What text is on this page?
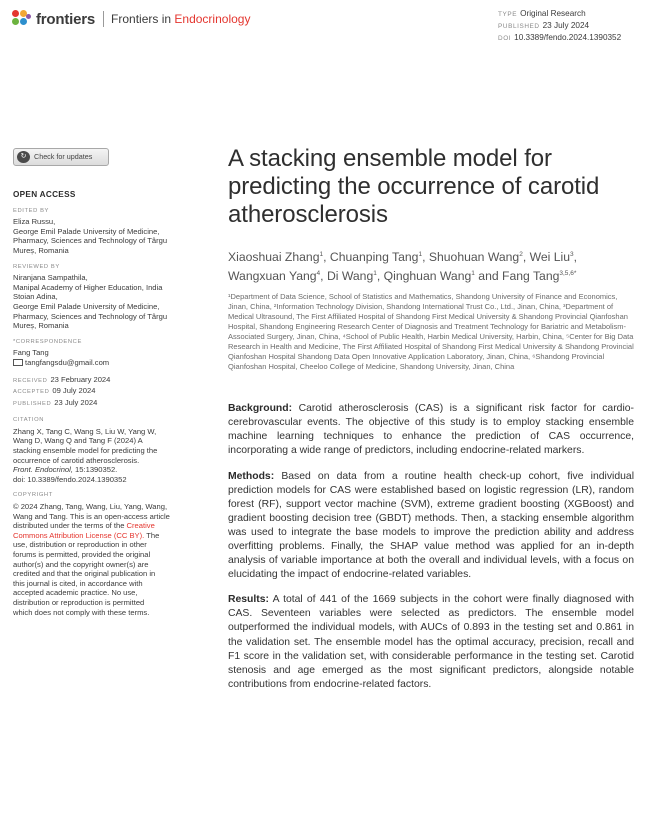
frontiers Frontiers in Endocrinology	TYPE Original Research
PUBLISHED 23 July 2024
DOI 10.3389/fendo.2024.1390352
↻	Check for updates
OPEN ACCESS
EDITED BY

Eliza Russu,

George Emil Palade University of Medicine,

Pharmacy, Sciences and Technology of Târgu

Mureș, Romania

REVIEWED BY

Niranjana Sampathila,

Manipal Academy of Higher Education, India

Stoian Adina,

George Emil Palade University of Medicine,

Pharmacy, Sciences and Technology of Târgu

Mureș, Romania

*CORRESPONDENCE

Fang Tang

tangfangsdu@gmail.com

RECEIVED 23 February 2024
ACCEPTED 09 July 2024
PUBLISHED 23 July 2024
CITATION

Zhang X, Tang C, Wang S, Liu W, Yang W,

Wang D, Wang Q and Tang F (2024) A

stacking ensemble model for predicting the

occurrence of carotid atherosclerosis.

Front. Endocrinol, 15:1390352.

doi: 10.3389/fendo.2024.1390352

COPYRIGHT

© 2024 Zhang, Tang, Wang, Liu, Yang, Wang,

Wang and Tang. This is an open-access article

distributed under the terms of the Creative

Commons Attribution License (CC BY). The

use, distribution or reproduction in other

forums is permitted, provided the original

author(s) and the copyright owner(s) are

credited and that the original publication in

this journal is cited, in accordance with

accepted academic practice. No use,

distribution or reproduction is permitted

which does not comply with these terms.

A stacking ensemble model for predicting the occurrence of carotid atherosclerosis
Xiaoshuai Zhang$^1$, Chuanping Tang$^1$, Shuohuan Wang$^2$, Wei Liu$^3$, Wangxuan Yang$^4$, Di Wang$^1$, Qinghuan Wang$^1$ and Fang Tang$^{3,5,6*}$
¹Department of Data Science, School of Statistics and Mathematics, Shandong University of Finance and Economics, Jinan, China, ²Information Technology Division, Shandong International Trust Co., Ltd., Jinan, China, ³Department of Medical Ultrasound, The First Affiliated Hospital of Shandong First Medical University & Shandong Provincial Qianfoshan Hospital, Shandong Engineering Research Center of Diagnosis and Treatment Technology for Bariatric and Metabolism-Associated Surgery, Jinan, China, ⁴School of Public Health, Harbin Medical University, Harbin, China, ⁵Center for Big Data Research in Health and Medicine, The First Affiliated Hospital of Shandong First Medical University & Shandong Provincial Qianfoshan Hospital Shandong Data Open Innovative Application Laboratory, Jinan, China, ⁶Shandong Provincial Qianfoshan Hospital, Cheeloo College of Medicine, Shandong University, Jinan, China

Background: Carotid atherosclerosis (CAS) is a significant risk factor for cardio-cerebrovascular events. The objective of this study is to employ stacking ensemble machine learning techniques to enhance the prediction of CAS occurrence, incorporating a wide range of predictors, including endocrine-related markers.

Methods: Based on data from a routine health check-up cohort, five individual prediction models for CAS were established based on logistic regression (LR), random forest (RF), support vector machine (SVM), extreme gradient boosting (XGBoost) and gradient boosting decision tree (GBDT) methods. Then, a stacking ensemble algorithm was used to integrate the base models to improve the prediction ability and address overfitting problems. Finally, the SHAP value method was applied for an in-depth analysis of variable importance at both the overall and individual levels, with a focus on elucidating the impact of endocrine-related variables.

Results: A total of 441 of the 1669 subjects in the cohort were finally diagnosed with CAS. Seventeen variables were selected as predictors. The ensemble model outperformed the individual models, with AUCs of 0.893 in the testing set and 0.861 in the validation set. The ensemble model has the optimal accuracy, precision, recall and F1 score in the validation set, with considerable performance in the testing set. Carotid stenosis and age emerged as the most significant predictors, alongside notable contributions from endocrine-related factors.
